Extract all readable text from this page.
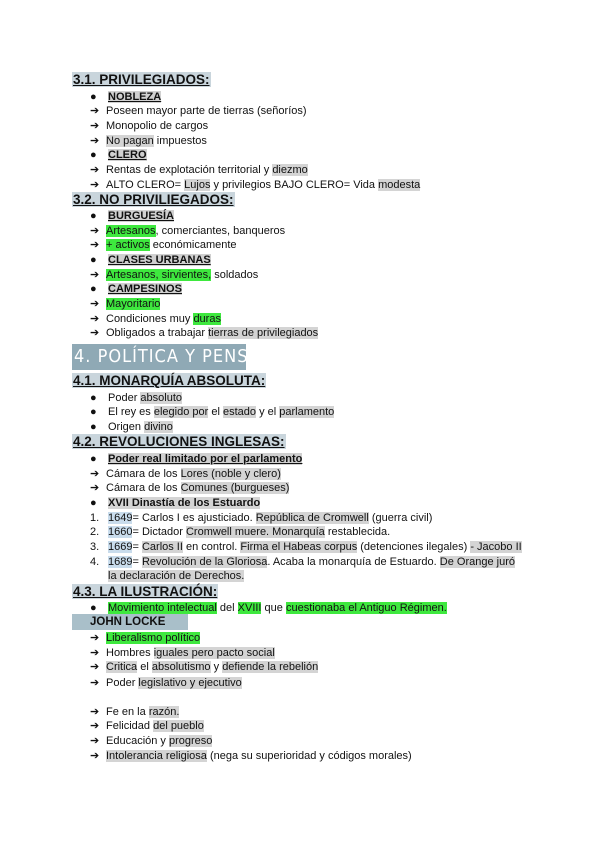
3.1. PRIVILEGIADOS:
● NOBLEZA
➔ Poseen mayor parte de tierras (señoríos)
➔ Monopolio de cargos
➔ No pagan impuestos
● CLERO
➔ Rentas de explotación territorial y diezmo
➔ ALTO CLERO= Lujos y privilegios BAJO CLERO= Vida modesta
3.2. NO PRIVILIEGADOS:
● BURGUESÍA
➔ Artesanos, comerciantes, banqueros
➔ + activos económicamente
● CLASES URBANAS
➔ Artesanos, sirvientes, soldados
● CAMPESINOS
➔ Mayoritario
➔ Condiciones muy duras
➔ Obligados a trabajar tierras de privilegiados
4. POLÍTICA Y PENSAMIENTO:
4.1. MONARQUÍA ABSOLUTA:
● Poder absoluto
● El rey es elegido por el estado y el parlamento
● Origen divino
4.2. REVOLUCIONES INGLESAS:
● Poder real limitado por el parlamento
➔ Cámara de los Lores (noble y clero)
➔ Cámara de los Comunes (burgueses)
● XVII Dinastía de los Estuardo
1. 1649= Carlos I es ajusticiado. República de Cromwell (guerra civil)
2. 1660= Dictador Cromwell muere. Monarquía restablecida.
3. 1669= Carlos II en control. Firma el Habeas corpus (detenciones ilegales) - Jacobo II
4. 1689= Revolución de la Gloriosa. Acaba la monarquía de Estuardo. De Orange juró
la declaración de Derechos.
4.3. LA ILUSTRACIÓN:
● Movimiento intelectual del XVIII que cuestionaba el Antiguo Régimen.
JOHN LOCKE
➔ Liberalismo político
➔ Hombres iguales pero pacto social
➔ Critica el absolutismo y defiende la rebelión
➔ Poder legislativo y ejecutivo
➔ Fe en la razón.
➔ Felicidad del pueblo
➔ Educación y progreso
➔ Intolerancia religiosa (nega su superioridad y códigos morales)
